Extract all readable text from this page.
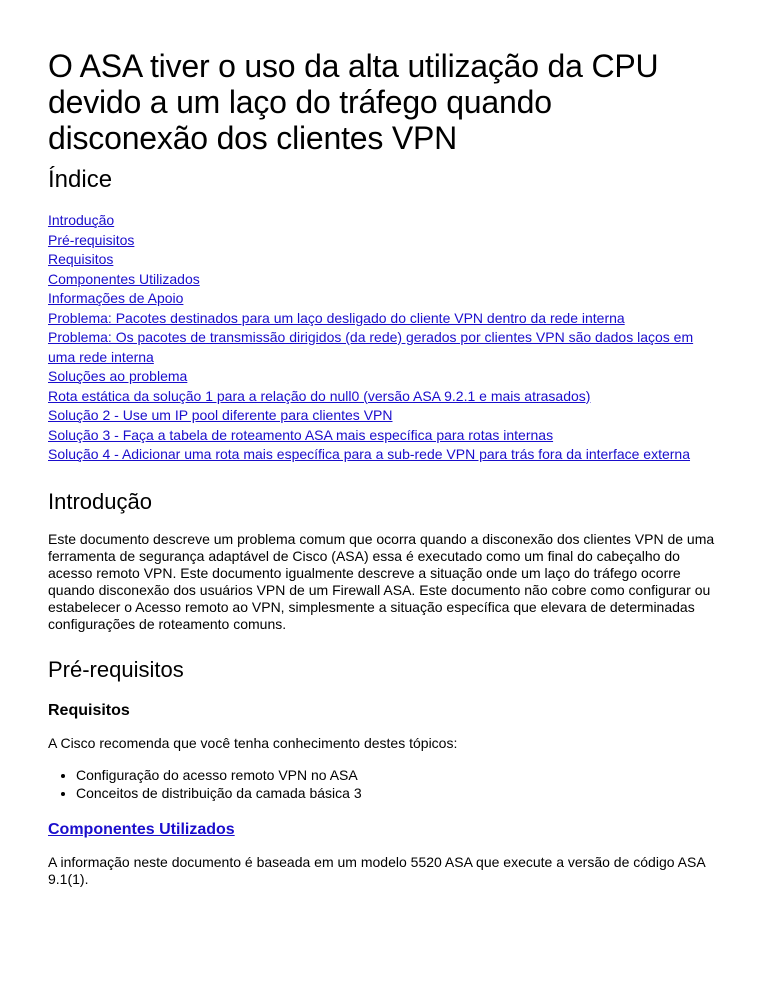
O ASA tiver o uso da alta utilização da CPU devido a um laço do tráfego quando disconexão dos clientes VPN
Índice
Introdução
Pré-requisitos
Requisitos
Componentes Utilizados
Informações de Apoio
Problema: Pacotes destinados para um laço desligado do cliente VPN dentro da rede interna
Problema: Os pacotes de transmissão dirigidos (da rede) gerados por clientes VPN são dados laços em uma rede interna
Soluções ao problema
Rota estática da solução 1 para a relação do null0 (versão ASA 9.2.1 e mais atrasados)
Solução 2 - Use um IP pool diferente para clientes VPN
Solução 3 - Faça a tabela de roteamento ASA mais específica para rotas internas
Solução 4 - Adicionar uma rota mais específica para a sub-rede VPN para trás fora da interface externa
Introdução

Este documento descreve um problema comum que ocorra quando a disconexão dos clientes VPN de uma ferramenta de segurança adaptável de Cisco (ASA) essa é executado como um final do cabeçalho do acesso remoto VPN. Este documento igualmente descreve a situação onde um laço do tráfego ocorre quando disconexão dos usuários VPN de um Firewall ASA. Este documento não cobre como configurar ou estabelecer o Acesso remoto ao VPN, simplesmente a situação específica que elevara de determinadas configurações de roteamento comuns.

Pré-requisitos
Requisitos

A Cisco recomenda que você tenha conhecimento destes tópicos:

• Configuração do acesso remoto VPN no ASA
• Conceitos de distribuição da camada básica 3
Componentes Utilizados

A informação neste documento é baseada em um modelo 5520 ASA que execute a versão de código ASA 9.1(1).
